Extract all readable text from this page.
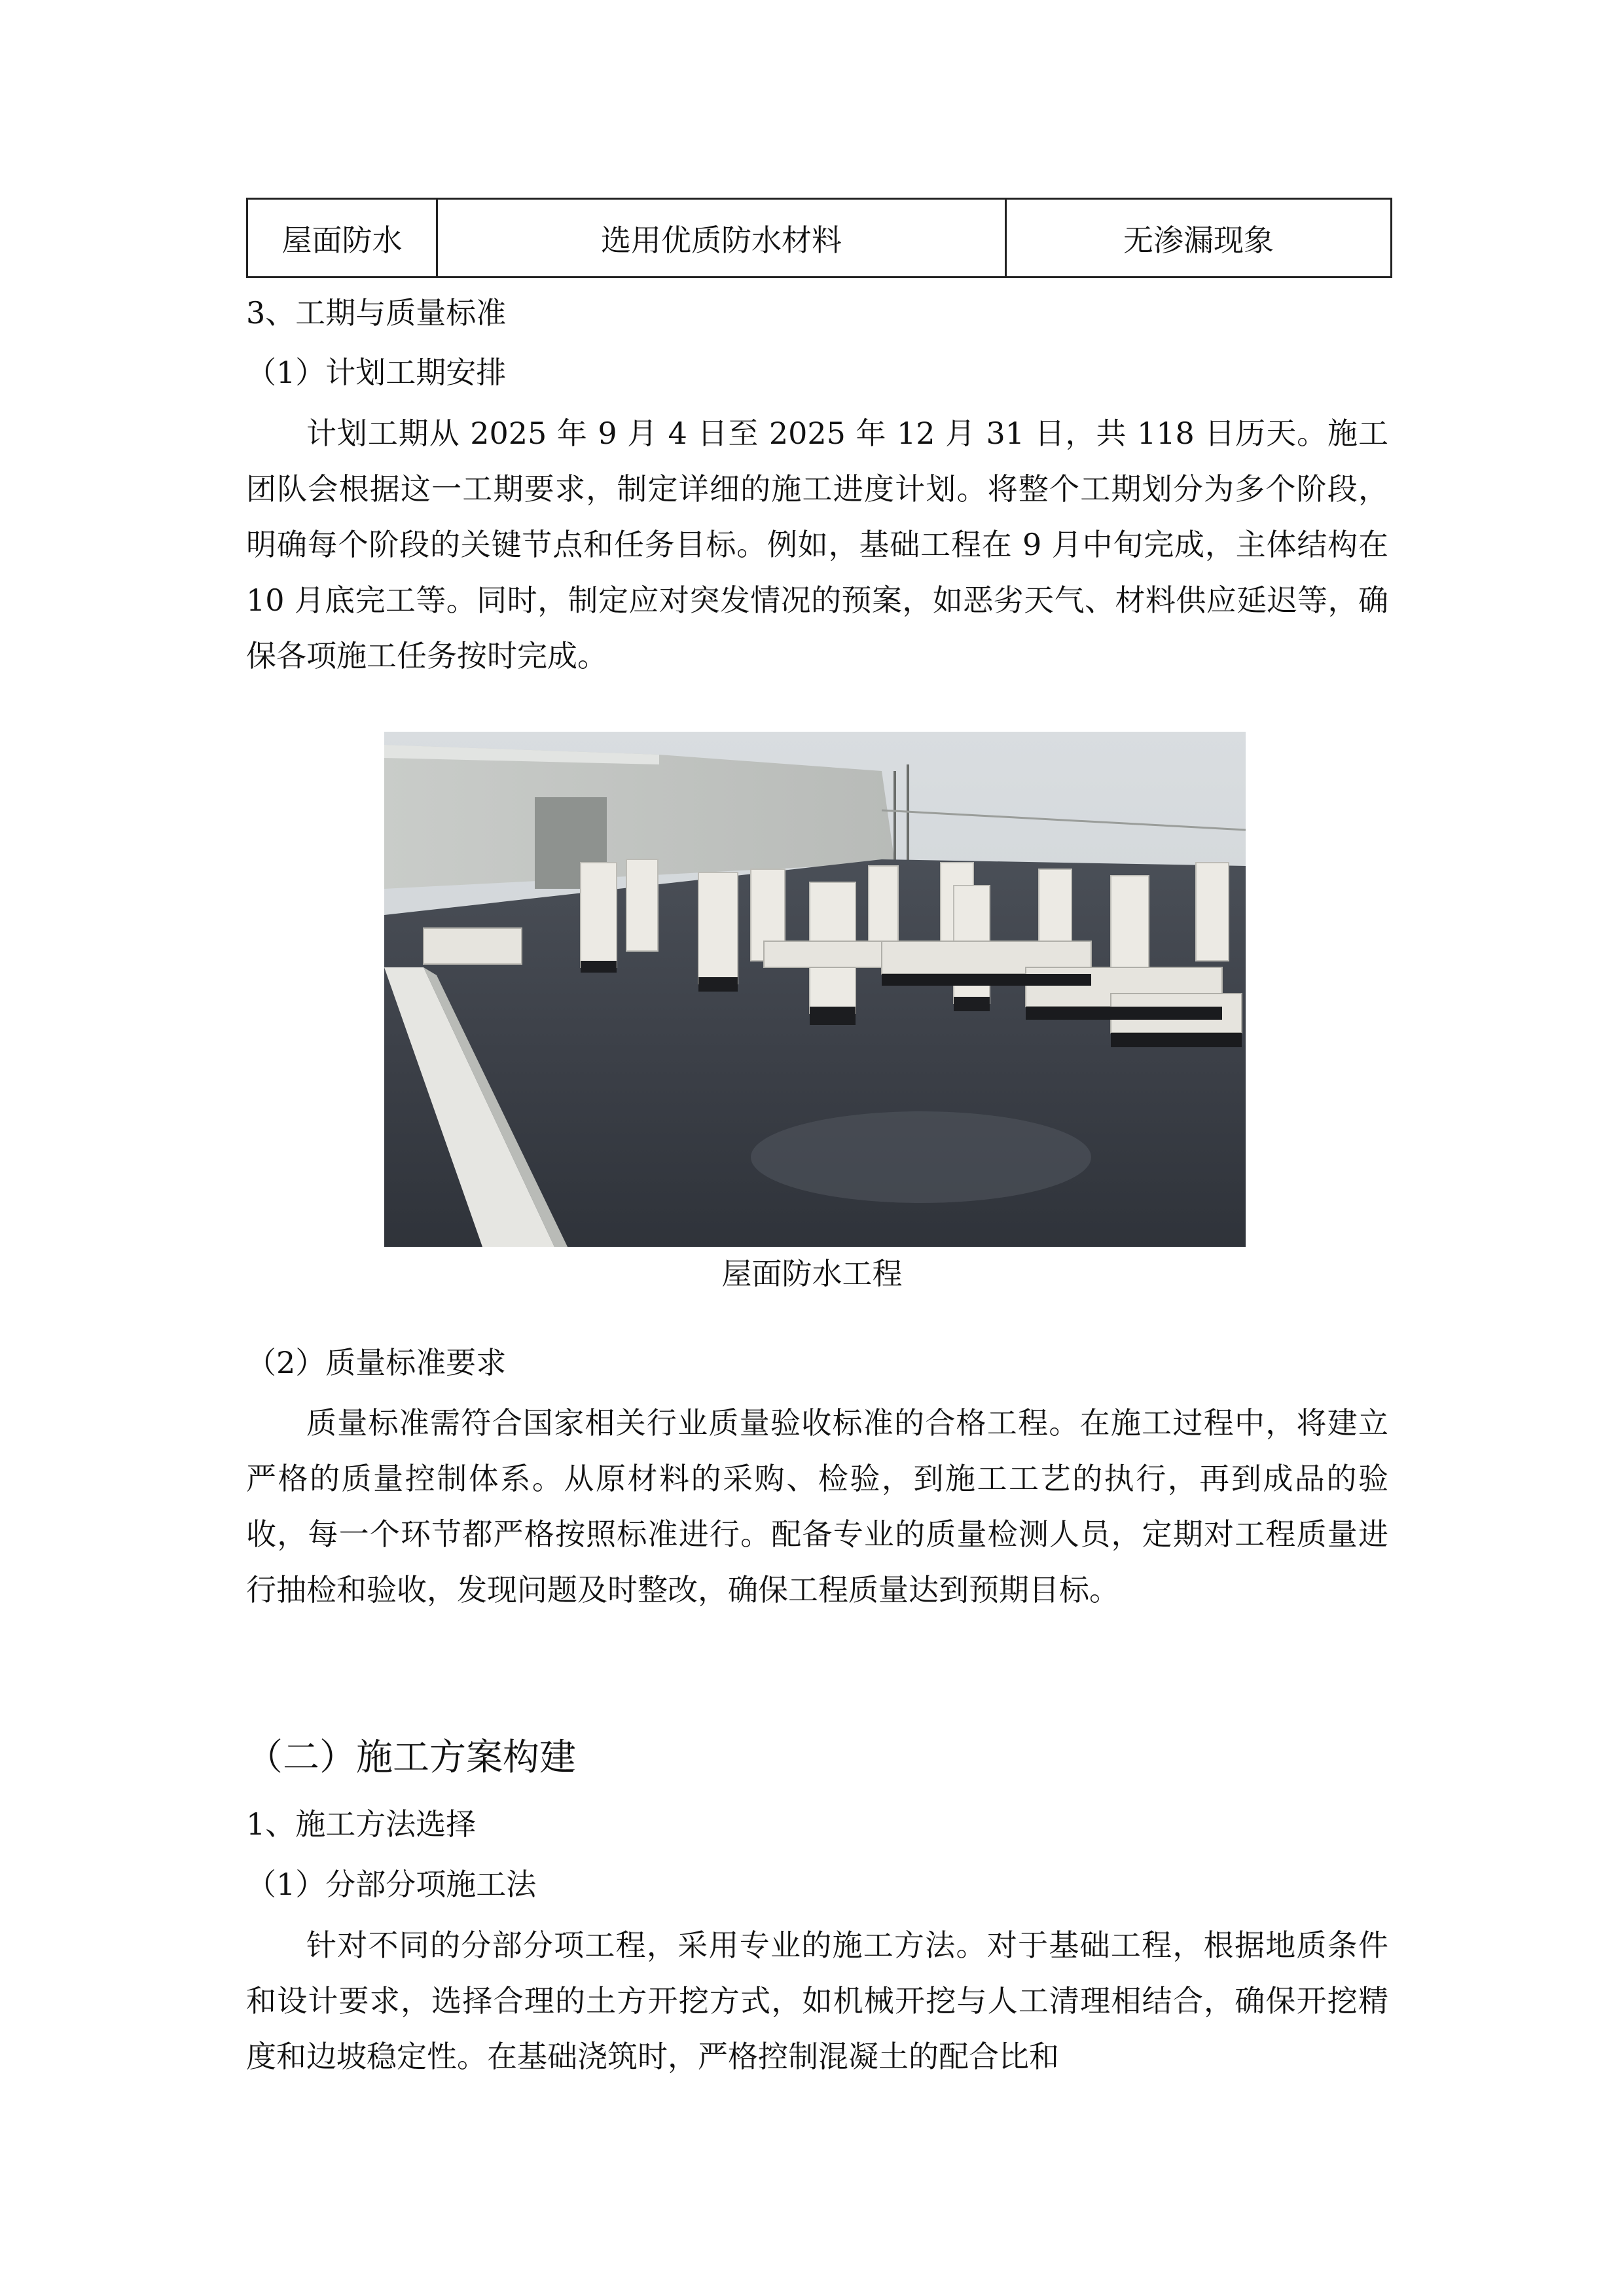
屋面防水	选用优质防水材料	无渗漏现象
3、工期与质量标准
（1）计划工期安排
计划工期从 2025 年 9 月 4 日至 2025 年 12 月 31 日，共 118 日历天。施工团队会根据这一工期要求，制定详细的施工进度计划。将整个工期划分为多个阶段，明确每个阶段的关键节点和任务目标。例如，基础工程在 9 月中旬完成，主体结构在 10 月底完工等。同时，制定应对突发情况的预案，如恶劣天气、材料供应延迟等，确保各项施工任务按时完成。
屋面防水工程
（2）质量标准要求
质量标准需符合国家相关行业质量验收标准的合格工程。在施工过程中，将建立严格的质量控制体系。从原材料的采购、检验，到施工工艺的执行，再到成品的验收，每一个环节都严格按照标准进行。配备专业的质量检测人员，定期对工程质量进行抽检和验收，发现问题及时整改，确保工程质量达到预期目标。
（二）施工方案构建
1、施工方法选择
（1）分部分项施工法
针对不同的分部分项工程，采用专业的施工方法。对于基础工程，根据地质条件和设计要求，选择合理的土方开挖方式，如机械开挖与人工清理相结合，确保开挖精度和边坡稳定性。在基础浇筑时，严格控制混凝土的配合比和
